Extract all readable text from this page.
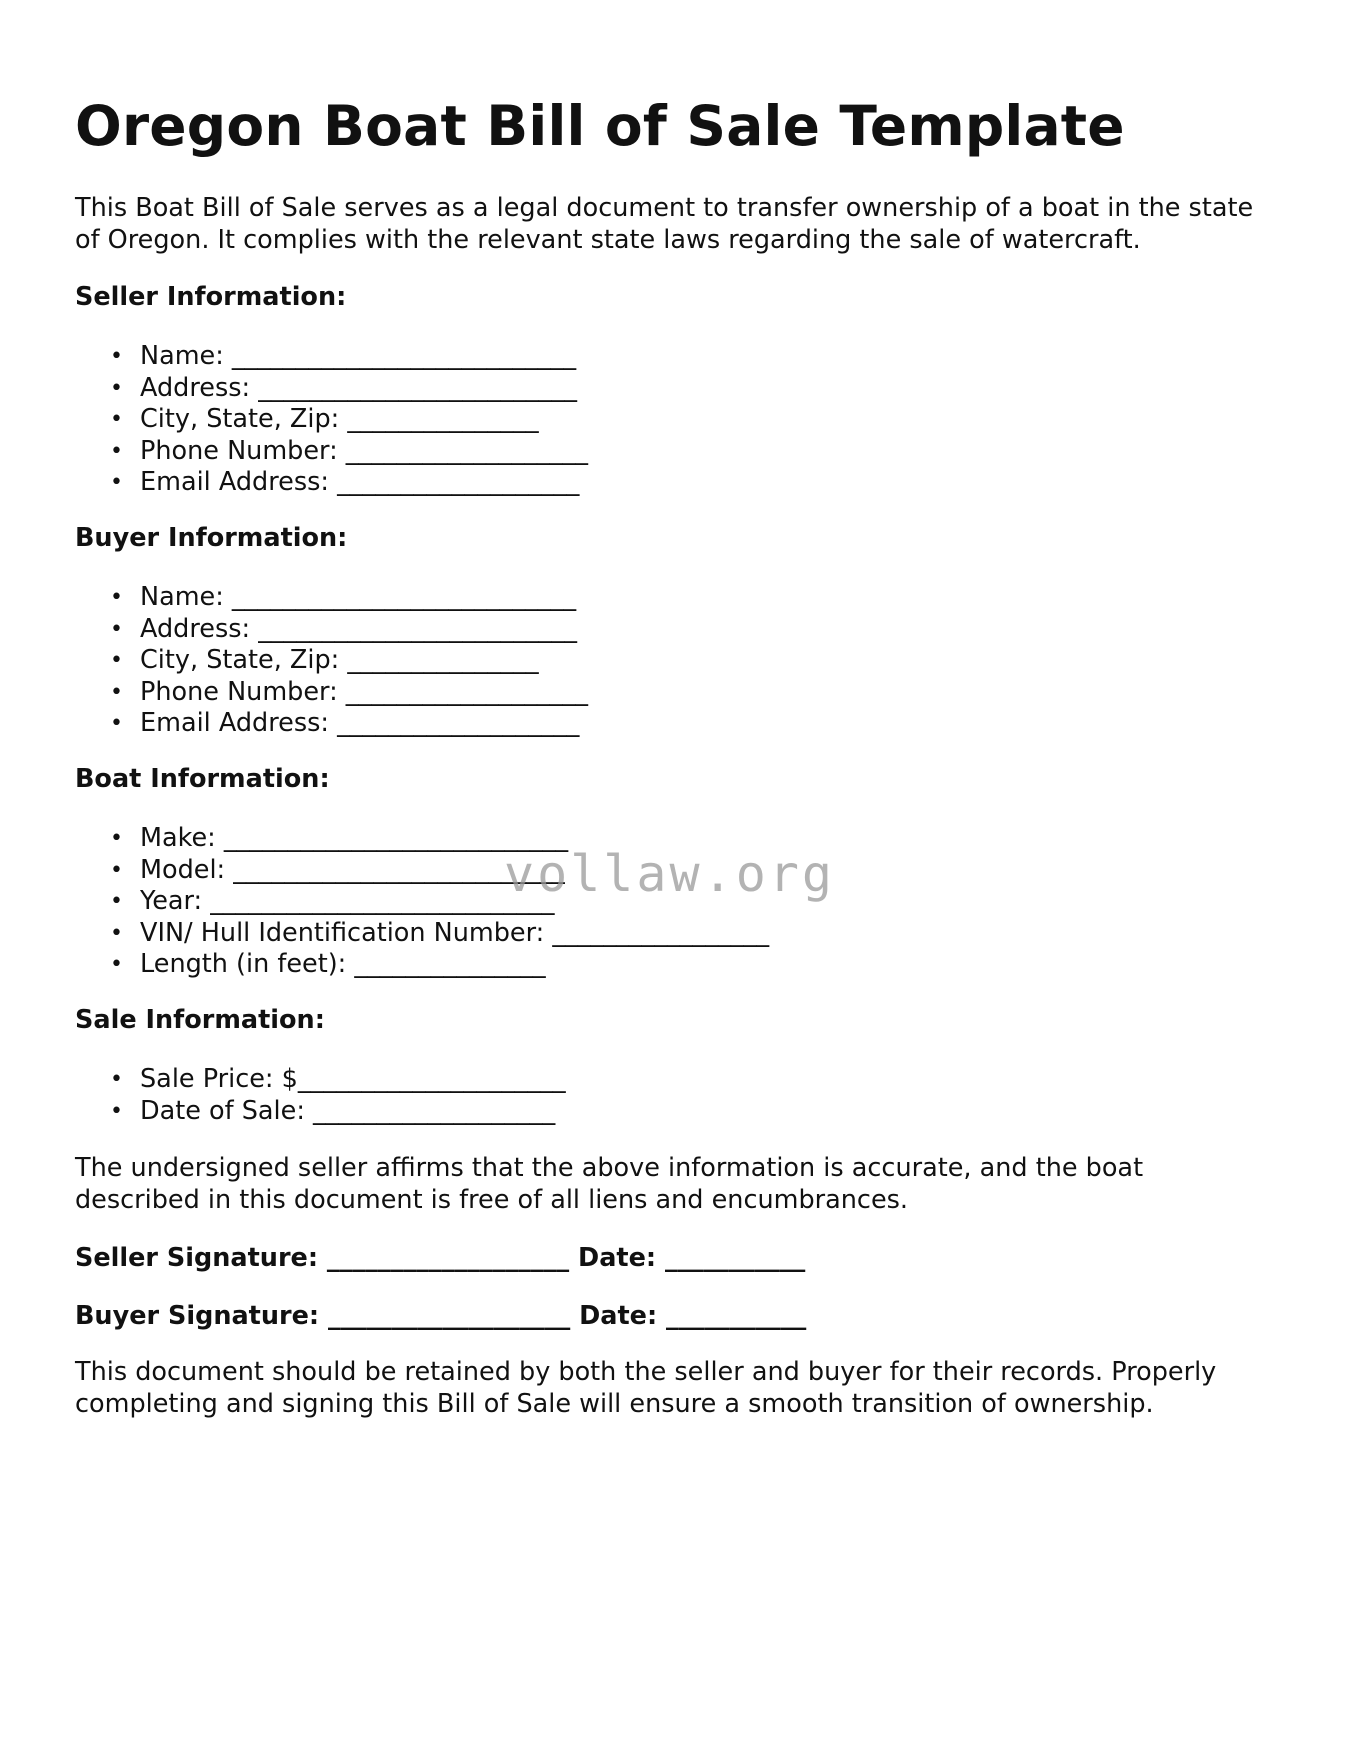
Oregon Boat Bill of Sale Template

This Boat Bill of Sale serves as a legal document to transfer ownership of a boat in the state of Oregon. It complies with the relevant state laws regarding the sale of watercraft.

Seller Information:
• Name: ___________________________
• Address: _________________________
• City, State, Zip: _______________
• Phone Number: ___________________
• Email Address: ___________________
Buyer Information:
• Name: ___________________________
• Address: _________________________
• City, State, Zip: _______________
• Phone Number: ___________________
• Email Address: ___________________
Boat Information:
• Make: ___________________________
• Model: __________________________
• Year: ___________________________
• VIN/ Hull Identification Number: _________________
• Length (in feet): _______________
Sale Information:
• Sale Price: $_____________________
• Date of Sale: ___________________

The undersigned seller affirms that the above information is accurate, and the boat described in this document is free of all liens and encumbrances.

Seller Signature: ___________________ Date: ___________
Buyer Signature: ___________________ Date: ___________

This document should be retained by both the seller and buyer for their records. Properly completing and signing this Bill of Sale will ensure a smooth transition of ownership.

vollaw.org
